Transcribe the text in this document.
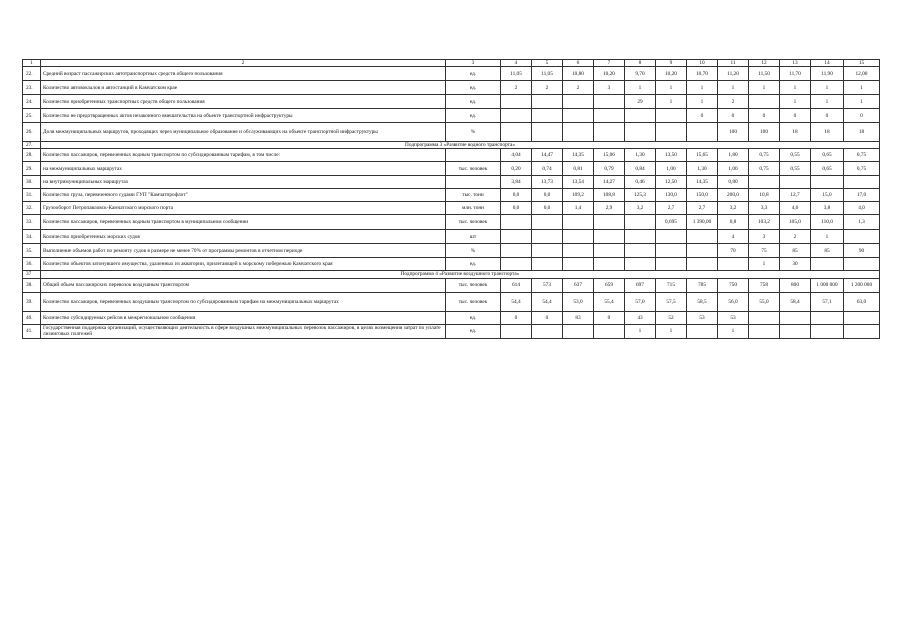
1	2	3	4	5	6	7	8	9	10	11	12	13	14	15
22.	Средний возраст пассажирских автотранспортных средств общего пользования	ед.	11,05	11,05	10,80	10,20	9,70	10,20	10,70	11,20	11,50	11,70	11,90	12,00
23.	Количество автовокзалов и автостанций в Камчатском крае	ед.	2	2	2	3	1	1	1	1	1	1	1	1
24.	Количество приобретенных транспортных средств общего пользования	ед.					29	1	1	2		1	1	1
25.	Количество не предотвращенных актов незаконного вмешательства на объекте транспортной инфраструктуры	ед.							0	0	0	0	0	0
26.	Доля межмуниципальных маршрутов, проходящих через муниципальное образование и обслуживающих на объекте транспортной инфраструктуры	%								100	100	18	18	18
27.	Подпрограмма 3 «Развитие водного транспорта»													
28.	Количество пассажиров, перевезенных водным транспортом по субсидированным тарифам, в том числе:		4,04	14,47	14,35	15,06	1,30	13,50	15,65	1,80	0,75	0,55	0,65	0,75
29.	на межмуниципальных маршрутах	тыс. человек	0,20	0,74	0,81	0,79	0,84	1,00	1,30	1,00	0,75	0,55	0,65	0,75
30.	на внутримуниципальных маршрутах		3,84	13,73	13,54	14,27	0,46	12,50	14,35	0,80				
31.	Количество груза, перевезенного судами ГУП "Камчатпрофлот"	тыс. тонн	0,0	0,0	109,2	108,8	125,3	130,0	150,0	200,0	10,8	12,7	15,0	17,0
32.	Грузооборот Петропавловск-Камчатского морского порта	млн. тонн	0,0	0,0	1,4	2,9	3,2	2,7	2,7	3,2	3,3	4,6	3,8	4,0
33.	Количество пассажиров, перевезенных водным транспортом в муниципальном сообщении	тыс. человек						0,695	1 390,00	0,8	103,2	105,0	110,0	1,3
34.	Количество приобретенных морских судов	шт								4	3	2	1	
35.	Выполнение объемов работ по ремонту судов в размере не менее 70% от программы ремонтов в отчетном периоде	%								70	75	85	85	90
36.	Количество объектов затонувшего имущества, удаленных из акватории, прилегающей к морскому побережью Камчатского края	ед.									1	30		
37	Подпрограмма 4 «Развитие воздушного транспорта»													
38.	Общий объем пассажирских перевозок воздушным транспортом	тыс. человек	614	573	637	659	697	715	785	750	758	800	1 000 000	1 200 000
39.	Количество пассажиров, перевезенных воздушным транспортом по субсидированным тарифам на межмуниципальных маршрутах	тыс. человек	54,4	54,4	53,0	55,4	57,0	57,5	58,5	56,0	55,0	58,4	57,1	63,0
40.	Количество субсидируемых рейсов в межрегиональном сообщении	ед.	0	0	83	0	43	52	53	53				
41.	Государственная поддержка организаций, осуществляющих деятельность в сфере воздушных межмуниципальных перевозок пассажиров, в целях возмещения затрат по уплате лизинговых платежей	ед.					1	1		1				
